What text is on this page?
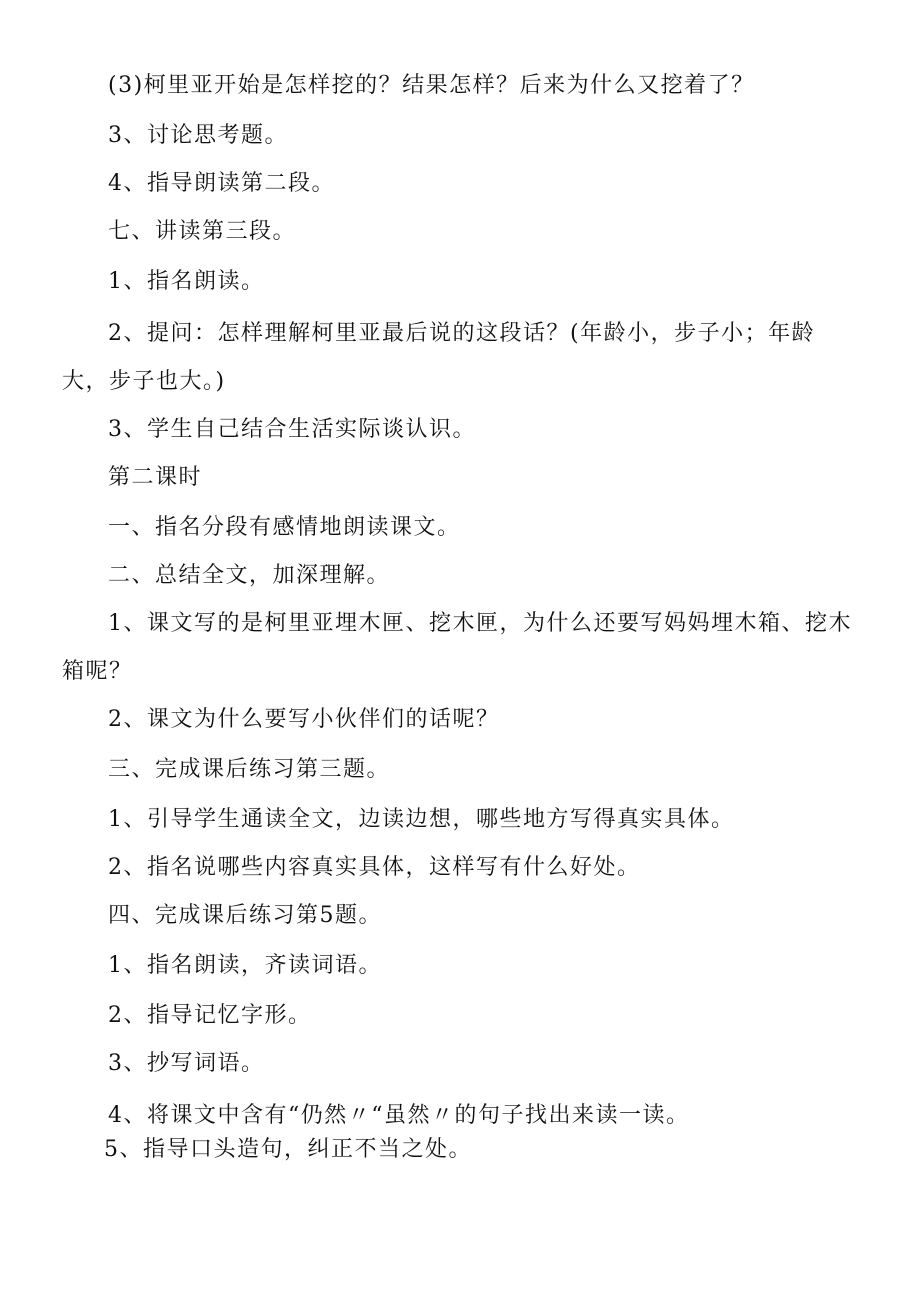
(3)柯里亚开始是怎样挖的？结果怎样？后来为什么又挖着了？

3、讨论思考题。

4、指导朗读第二段。

七、讲读第三段。

1、指名朗读。

2、提问：怎样理解柯里亚最后说的这段话？(年龄小，步子小；年龄大，步子也大。)

3、学生自己结合生活实际谈认识。

第二课时

一、指名分段有感情地朗读课文。

二、总结全文，加深理解。

1、课文写的是柯里亚埋木匣、挖木匣，为什么还要写妈妈埋木箱、挖木箱呢？

2、课文为什么要写小伙伴们的话呢？

三、完成课后练习第三题。

1、引导学生通读全文，边读边想，哪些地方写得真实具体。

2、指名说哪些内容真实具体，这样写有什么好处。

四、完成课后练习第5题。

1、指名朗读，齐读词语。

2、指导记忆字形。

3、抄写词语。

4、将课文中含有“仍然〃“虽然〃的句子找出来读一读。

5、指导口头造句，纠正不当之处。
